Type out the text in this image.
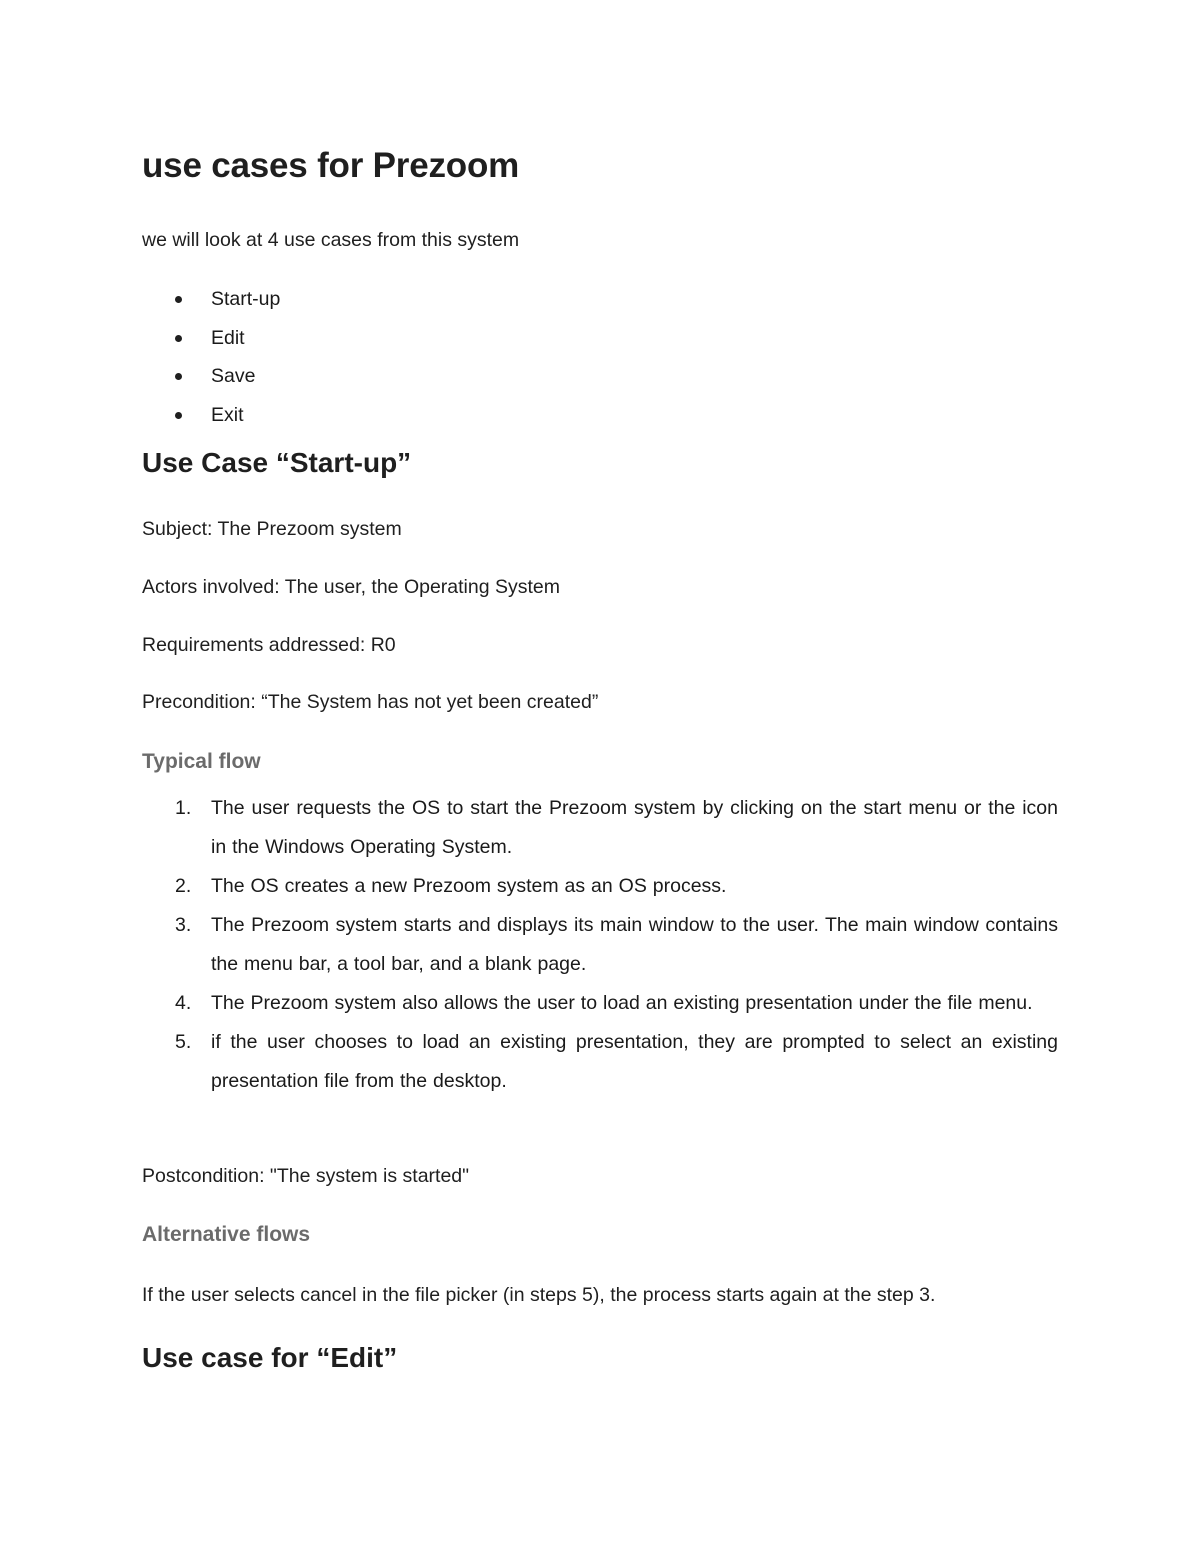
use cases for Prezoom

we will look at 4 use cases from this system

Start-up
Edit
Save
Exit
Use Case “Start-up”

Subject: The Prezoom system

Actors involved: The user, the Operating System

Requirements addressed: R0

Precondition: “The System has not yet been created”

Typical flow
1. The user requests the OS to start the Prezoom system by clicking on the start menu or the icon in the Windows Operating System.
2. The OS creates a new Prezoom system as an OS process.
3. The Prezoom system starts and displays its main window to the user. The main window contains the menu bar, a tool bar, and a blank page.
4. The Prezoom system also allows the user to load an existing presentation under the file menu.
5. if the user chooses to load an existing presentation, they are prompted to select an existing presentation file from the desktop.

Postcondition: "The system is started"

Alternative flows

If the user selects cancel in the file picker (in steps 5), the process starts again at the step 3.

Use case for “Edit”
